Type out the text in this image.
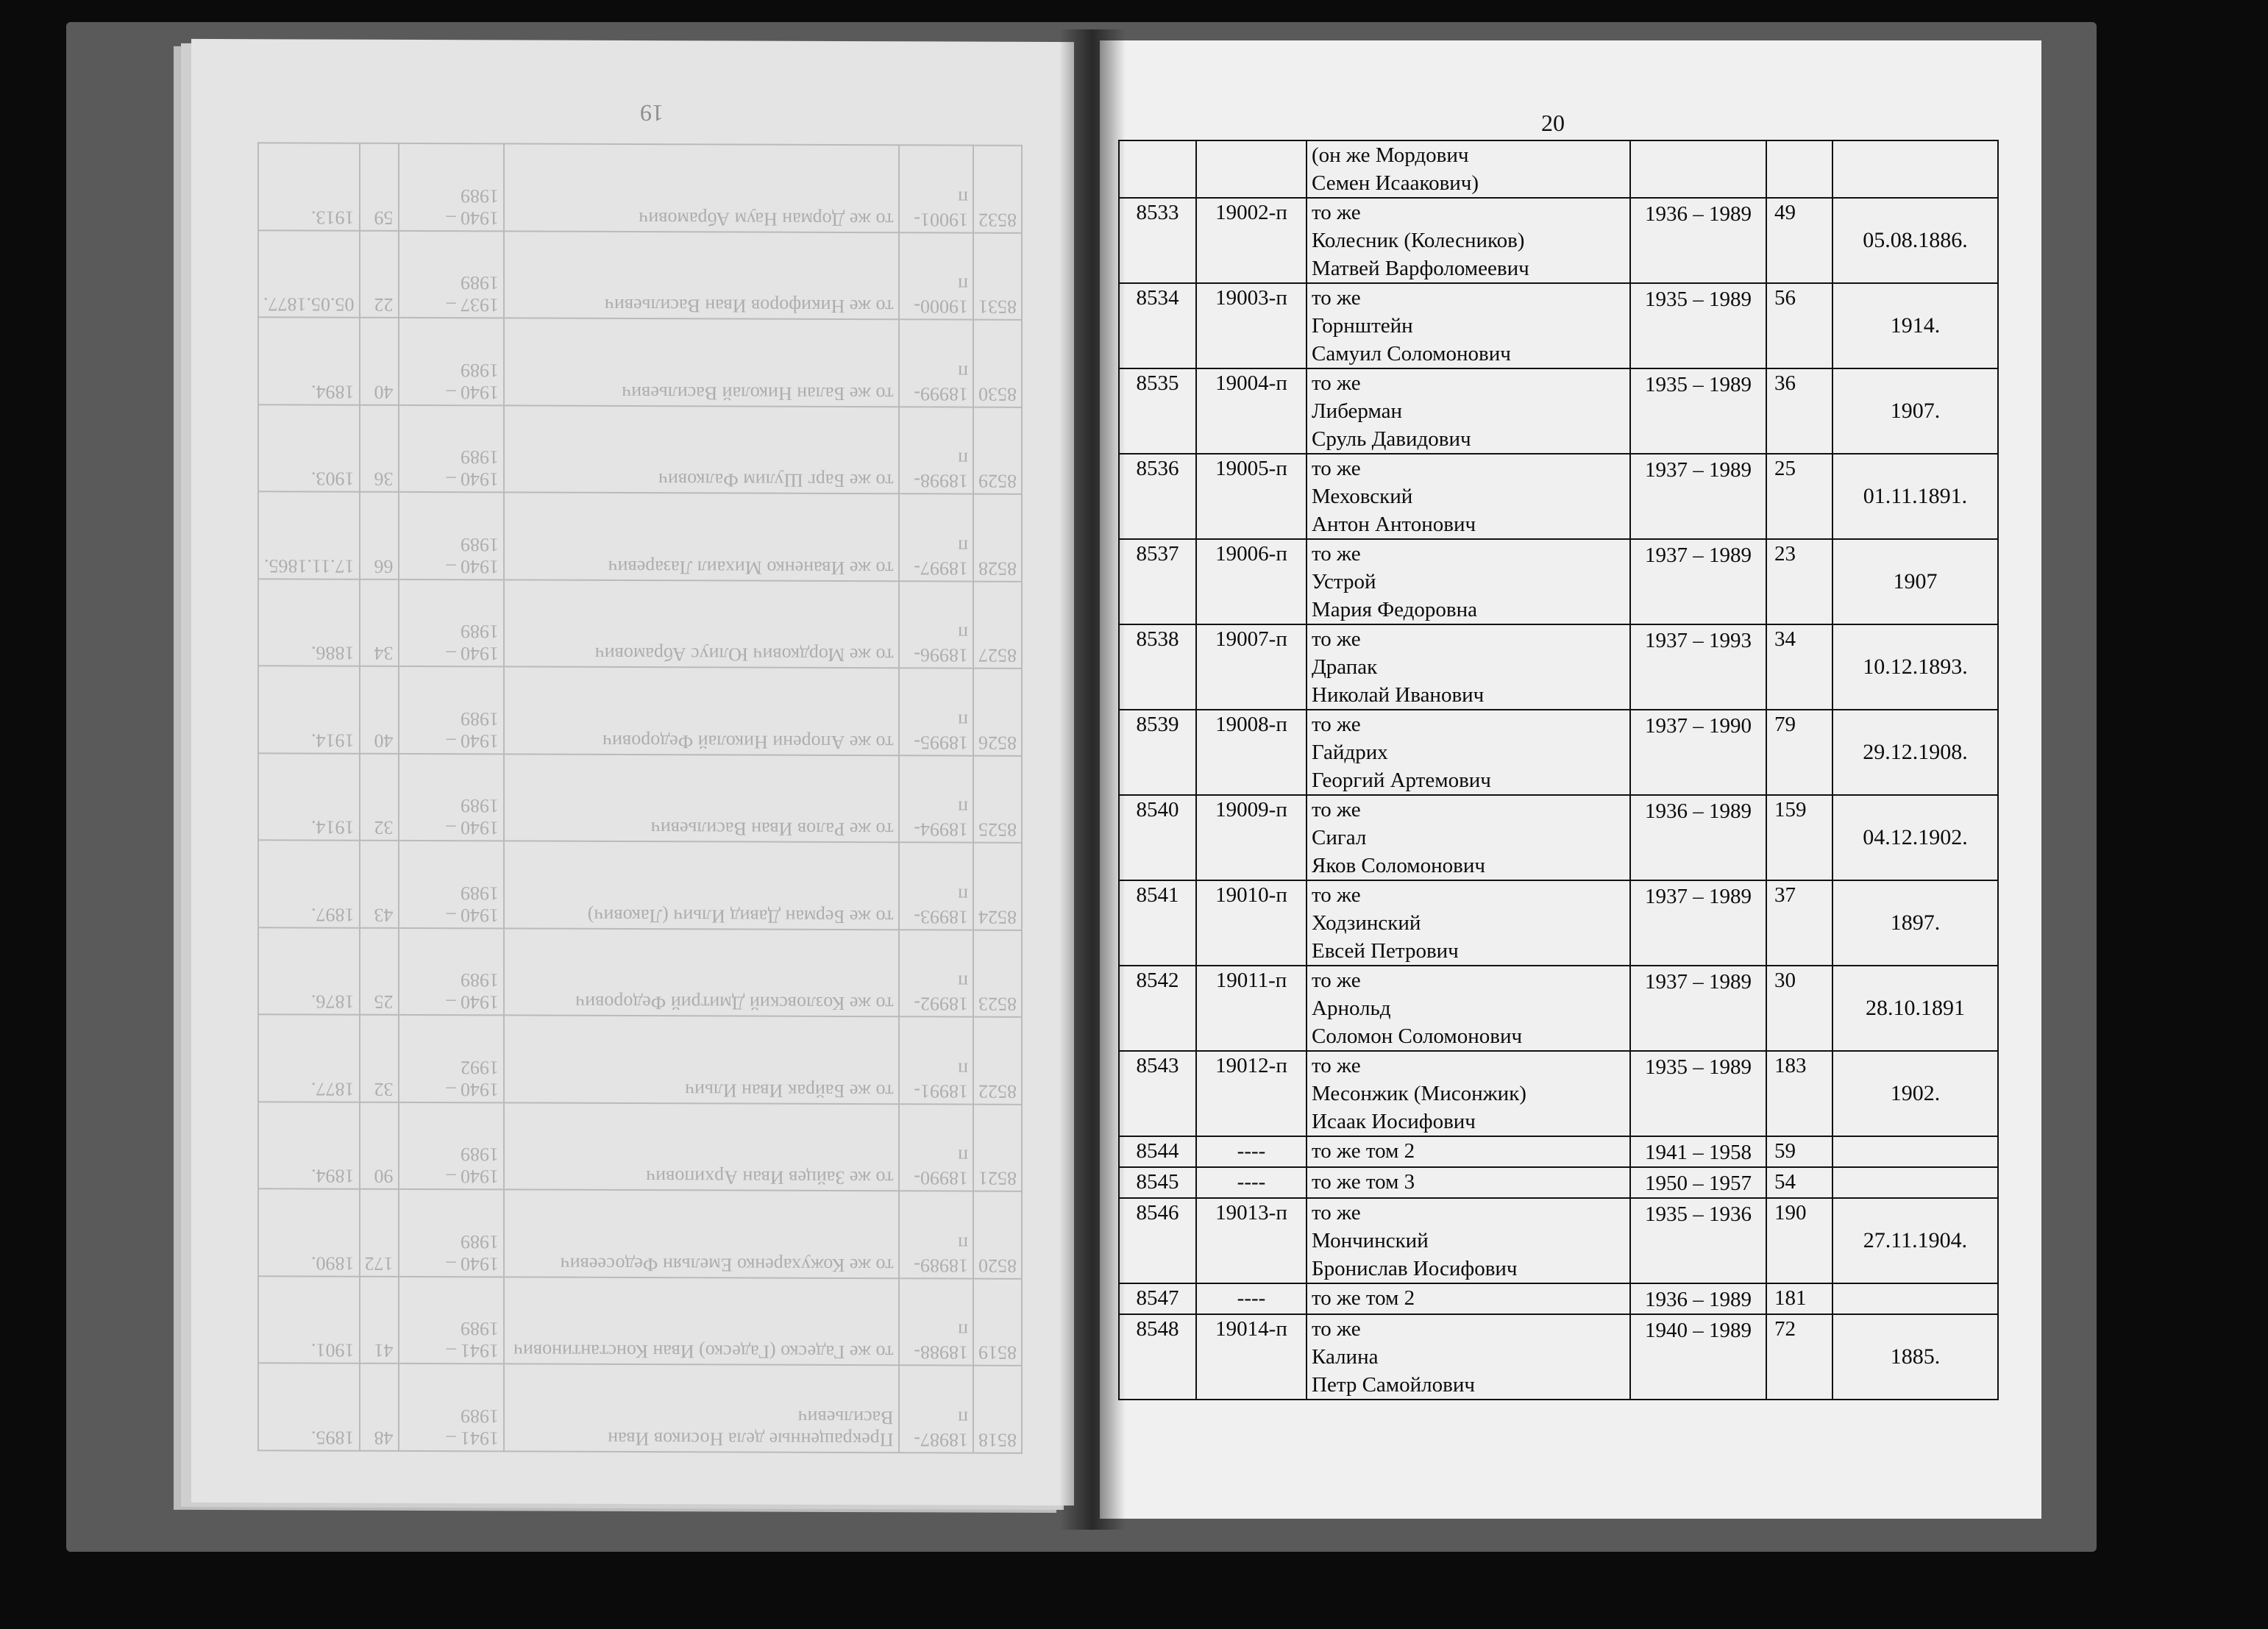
19
8518	18987-п	Прекращенные дела Носиков Иван Васильевич	1941 – 1989	48	1895.
8519	18988-п	то же Гадеско (Гадеско) Иван Константинович	1941 – 1989	41	1901.
8520	18989-п	то же Кожухаренко Емельян Федосеевич	1940 – 1989	172	1890.
8521	18990-п	то же Зайцев Иван Архипович	1940 – 1989	90	1894.
8522	18991-п	то же Байрак Иван Ильич	1940 – 1992	32	1877.
8523	18992-п	то же Козловский Дмитрий Федорович	1940 – 1989	25	1876.
8524	18993-п	то же Берман Давид Ильич (Лакович)	1940 – 1989	43	1897.
8525	18994-п	то же Ралов Иван Васильевич	1940 – 1989	32	1914.
8526	18995-п	то же Апорени Николай Федорович	1940 – 1989	40	1914.
8527	18996-п	то же Мордкович Юлиус Абрамович	1940 – 1989	34	1886.
8528	18997-п	то же Иваненко Михаил Лазаревич	1940 – 1989	66	17.11.1865.
8529	18998-п	то же Барг Шулим Фалкович	1940 – 1989	36	1903.
8530	18999-п	то же Балан Николай Васильевич	1940 – 1989	40	1894.
8531	19000-п	то же Никифоров Иван Васильевич	1937 – 1989	22	05.05.1877.
8532	19001-п	то же Дорман Наум Абрамович	1940 – 1989	59	1913.
20

		(он же Мордович
Семен Исаакович)			

8533	19002-п	то же
Колесник (Колесников)
Матвей Варфоломеевич	1936 – 1989	49	05.08.1886.
8534	19003-п	то же
Горнштейн
Самуил Соломонович	1935 – 1989	56	1914.
8535	19004-п	то же
Либерман
Сруль Давидович	1935 – 1989	36	1907.
8536	19005-п	то же
Меховский
Антон Антонович	1937 – 1989	25	01.11.1891.
8537	19006-п	то же
Устрой
Мария Федоровна	1937 – 1989	23	1907
8538	19007-п	то же
Драпак
Николай Иванович	1937 – 1993	34	10.12.1893.
8539	19008-п	то же
Гайдрих
Георгий Артемович	1937 – 1990	79	29.12.1908.
8540	19009-п	то же
Сигал
Яков Соломонович	1936 – 1989	159	04.12.1902.
8541	19010-п	то же
Ходзинский
Евсей Петрович	1937 – 1989	37	1897.
8542	19011-п	то же
Арнольд
Соломон Соломонович	1937 – 1989	30	28.10.1891
8543	19012-п	то же
Месонжик (Мисонжик)
Исаак Иосифович	1935 – 1989	183	1902.
8544	----	то же том 2	1941 – 1958	59	
8545	----	то же том 3	1950 – 1957	54	
8546	19013-п	то же
Мончинский
Бронислав Иосифович	1935 – 1936	190	27.11.1904.
8547	----	то же том 2	1936 – 1989	181	
8548	19014-п	то же
Калина
Петр Самойлович	1940 – 1989	72	1885.
